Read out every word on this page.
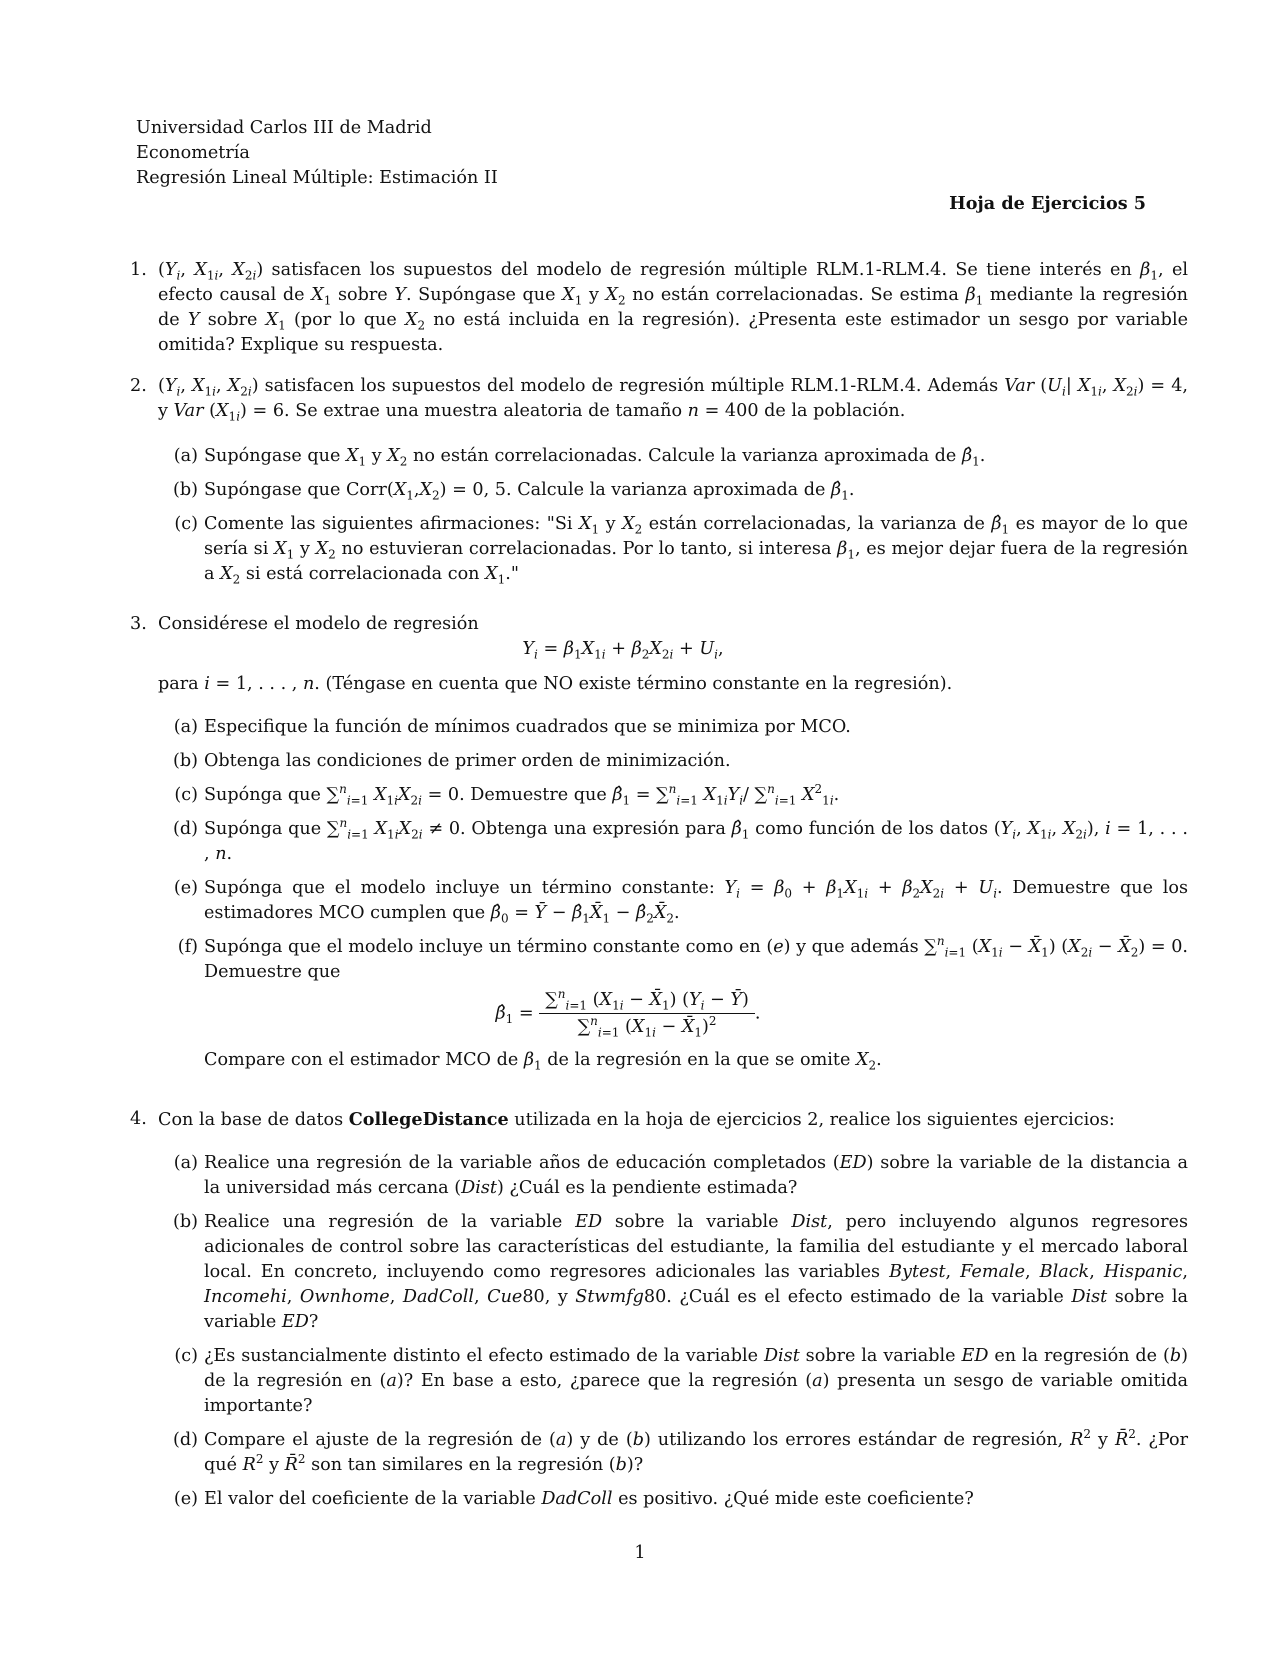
Universidad Carlos III de Madrid
Econometría
Regresión Lineal Múltiple: Estimación II
Hoja de Ejercicios 5
1. ($Y_i$, $X_{1i}$, $X_{2i}$) satisfacen los supuestos del modelo de regresión múltiple RLM.1-RLM.4. Se tiene interés en $\beta_1$, el efecto causal de $X_1$ sobre Y. Supóngase que $X_1$ y $X_2$ no están correlacionadas. Se estima $\beta_1$ mediante la regresión de Y sobre $X_1$ (por lo que $X_2$ no está incluida en la regresión). ¿Presenta este estimador un sesgo por variable omitida? Explique su respuesta.
2. ($Y_i$, $X_{1i}$, $X_{2i}$) satisfacen los supuestos del modelo de regresión múltiple RLM.1-RLM.4. Además Var ($U_i|$ $X_{1i}$, $X_{2i}) = 4$, y Var $(X_{1i}) = 6$. Se extrae una muestra aleatoria de tamaño n = 400 de la población.
(a) Supóngase que $X_1$ y $X_2$ no están correlacionadas. Calcule la varianza aproximada de $\betâ_1$.
(b) Supóngase que $Corr(X_1,X_2) = 0$, 5. Calcule la varianza aproximada de $\betâ_1$.
(c) Comente las siguientes afirmaciones: "Si $X_1$ y $X_2$ están correlacionadas, la varianza de $\betâ_1$ es mayor de lo que sería si $X_1$ y $X_2$ no estuvieran correlacionadas. Por lo tanto, si interesa $\beta_1$, es mejor dejar fuera de la regresión a $X_2$ si está correlacionada con $X_1$."
3. Considérese el modelo de regresión
$Y_i = \beta_1X_{1i} + \beta_2X_{2i} + U_i$,
para i = 1, . . . , n. (Téngase en cuenta que NO existe término constante en la regresión).
(a) Especifique la función de mínimos cuadrados que se minimiza por MCO.
(b) Obtenga las condiciones de primer orden de minimización.
(c) Supónga que ∑$^n_{i=1}$ $X_{1i}X_{2i} = 0$. Demuestre que $\betâ_1 = \sum^n_{i=1}$ $X_{1i}Y_i/$ ∑$^n_{i=1}$ $X^2_{1i}$.
(d) Supónga que ∑$^n_{i=1}$ $X_{1i}X_{2i} \ne 0$. Obtenga una expresión para $\betâ_1$ como función de los datos ($Y_i$, $X_{1i}$, $X_{2i}$), i = 1, . . . , n.
(e) Supónga que el modelo incluye un término constante: $Y_i = \beta_0 + \beta_1X_{1i} + \beta_2X_{2i} + U_i$. Demuestre que los estimadores MCO cumplen que $\betâ_0$ = Ȳ − $\betâ_1X̄_1$ − $\betâ_2X̄_2$.
(f) Supónga que el modelo incluye un término constante como en (e) y que además ∑$^n_{i=1}$ ($X_{1i}$ − $X̄_1$) ($X_{2i}$ − $X̄_2) = 0$. Demuestre que
$\betâ_1 = \frac{\sum^n_{i=1} (X_{1i} - X̄_1) (Y_i - Ȳ)}{\sum^n_{i=1} (X_{1i} - X̄_1)^2}$ .
Compare con el estimador MCO de $\beta_1$ de la regresión en la que se omite $X_2$.
4. Con la base de datos CollegeDistance utilizada en la hoja de ejercicios 2, realice los siguientes ejercicios:
(a) Realice una regresión de la variable años de educación completados (ED) sobre la variable de la distancia a la universidad más cercana (Dist) ¿Cuál es la pendiente estimada?
(b) Realice una regresión de la variable ED sobre la variable Dist, pero incluyendo algunos regresores adicionales de control sobre las características del estudiante, la familia del estudiante y el mercado laboral local. En concreto, incluyendo como regresores adicionales las variables Bytest, Female, Black, Hispanic, Incomehi, Ownhome, DadColl, Cue80, y Stwmfg80. ¿Cuál es el efecto estimado de la variable Dist sobre la variable ED?
(c) ¿Es sustancialmente distinto el efecto estimado de la variable Dist sobre la variable ED en la regresión de (b) de la regresión en (a)? En base a esto, ¿parece que la regresión (a) presenta un sesgo de variable omitida importante?
(d) Compare el ajuste de la regresión de (a) y de (b) utilizando los errores estándar de regresión, $R^2$ y R̄$^2$. ¿Por qué $R^2$ y R̄$^2$ son tan similares en la regresión (b)?
(e) El valor del coeficiente de la variable DadColl es positivo. ¿Qué mide este coeficiente?
1
